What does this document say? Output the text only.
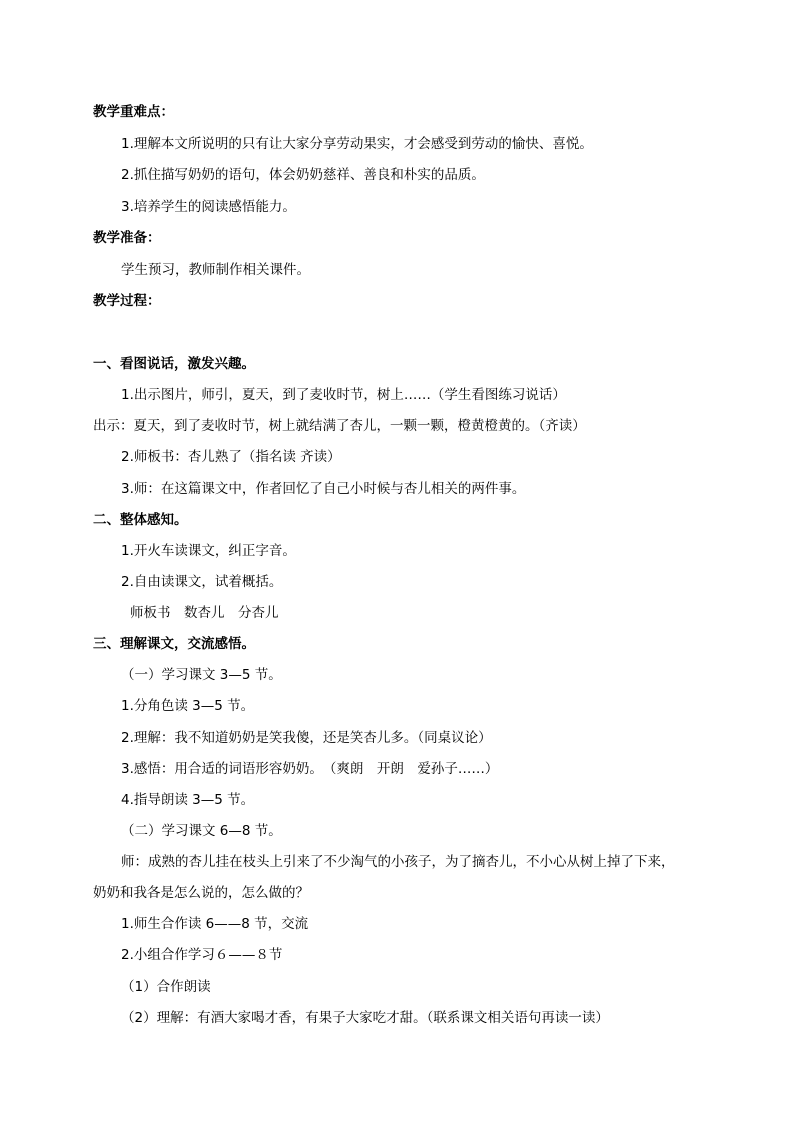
教学重难点：
1.理解本文所说明的只有让大家分享劳动果实，才会感受到劳动的愉快、喜悦。
2.抓住描写奶奶的语句，体会奶奶慈祥、善良和朴实的品质。
3.培养学生的阅读感悟能力。
教学准备：
学生预习，教师制作相关课件。
教学过程：
一、看图说话，激发兴趣。
1.出示图片，师引，夏天，到了麦收时节，树上……（学生看图练习说话）
出示：夏天，到了麦收时节，树上就结满了杏儿，一颗一颗，橙黄橙黄的。（齐读）
2.师板书：杏儿熟了（指名读 齐读）
3.师：在这篇课文中，作者回忆了自己小时候与杏儿相关的两件事。
二、整体感知。
1.开火车读课文，纠正字音。
2.自由读课文，试着概括。
师板书　数杏儿　分杏儿
三、理解课文，交流感悟。
（一）学习课文 3—5 节。
1.分角色读 3—5 节。
2.理解：我不知道奶奶是笑我傻，还是笑杏儿多。（同桌议论）
3.感悟：用合适的词语形容奶奶。　（爽朗　开朗　爱孙子……）
4.指导朗读 3—5 节。
（二）学习课文 6—8 节。
师：成熟的杏儿挂在枝头上引来了不少淘气的小孩子，为了摘杏儿，不小心从树上掉了下来，
奶奶和我各是怎么说的，怎么做的？
1.师生合作读 6——8 节，交流
2.小组合作学习６——８节
（1）合作朗读
（2）理解：有酒大家喝才香，有果子大家吃才甜。（联系课文相关语句再读一读）
